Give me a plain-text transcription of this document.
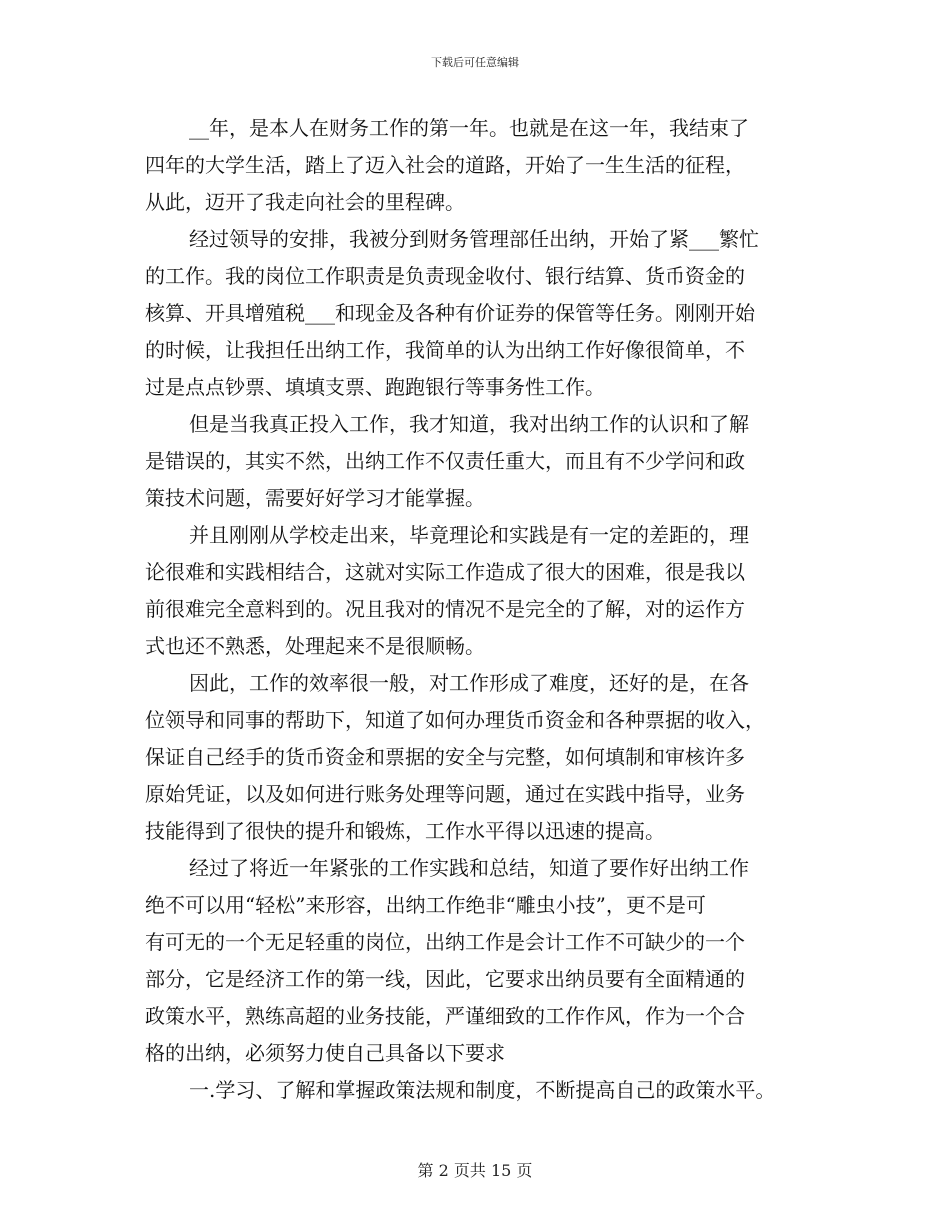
下载后可任意编辑
__年，是本人在财务工作的第一年。也就是在这一年，我结束了
四年的大学生活，踏上了迈入社会的道路，开始了一生生活的征程，
从此，迈开了我走向社会的里程碑。
经过领导的安排，我被分到财务管理部任出纳，开始了紧___繁忙
的工作。我的岗位工作职责是负责现金收付、银行结算、货币资金的
核算、开具增殖税___和现金及各种有价证券的保管等任务。刚刚开始
的时候，让我担任出纳工作，我简单的认为出纳工作好像很简单，不
过是点点钞票、填填支票、跑跑银行等事务性工作。
但是当我真正投入工作，我才知道，我对出纳工作的认识和了解
是错误的，其实不然，出纳工作不仅责任重大，而且有不少学问和政
策技术问题，需要好好学习才能掌握。
并且刚刚从学校走出来，毕竟理论和实践是有一定的差距的，理
论很难和实践相结合，这就对实际工作造成了很大的困难，很是我以
前很难完全意料到的。况且我对的情况不是完全的了解，对的运作方
式也还不熟悉，处理起来不是很顺畅。
因此，工作的效率很一般，对工作形成了难度，还好的是，在各
位领导和同事的帮助下，知道了如何办理货币资金和各种票据的收入，
保证自己经手的货币资金和票据的安全与完整，如何填制和审核许多
原始凭证，以及如何进行账务处理等问题，通过在实践中指导，业务
技能得到了很快的提升和锻炼，工作水平得以迅速的提高。
经过了将近一年紧张的工作实践和总结，知道了要作好出纳工作
绝不可以用“轻松”来形容，出纳工作绝非“雕虫小技”，更不是可
有可无的一个无足轻重的岗位，出纳工作是会计工作不可缺少的一个
部分，它是经济工作的第一线，因此，它要求出纳员要有全面精通的
政策水平，熟练高超的业务技能，严谨细致的工作作风，作为一个合
格的出纳，必须努力使自己具备以下要求
一.学习、了解和掌握政策法规和制度，不断提高自己的政策水平。
第 2 页共 15 页
